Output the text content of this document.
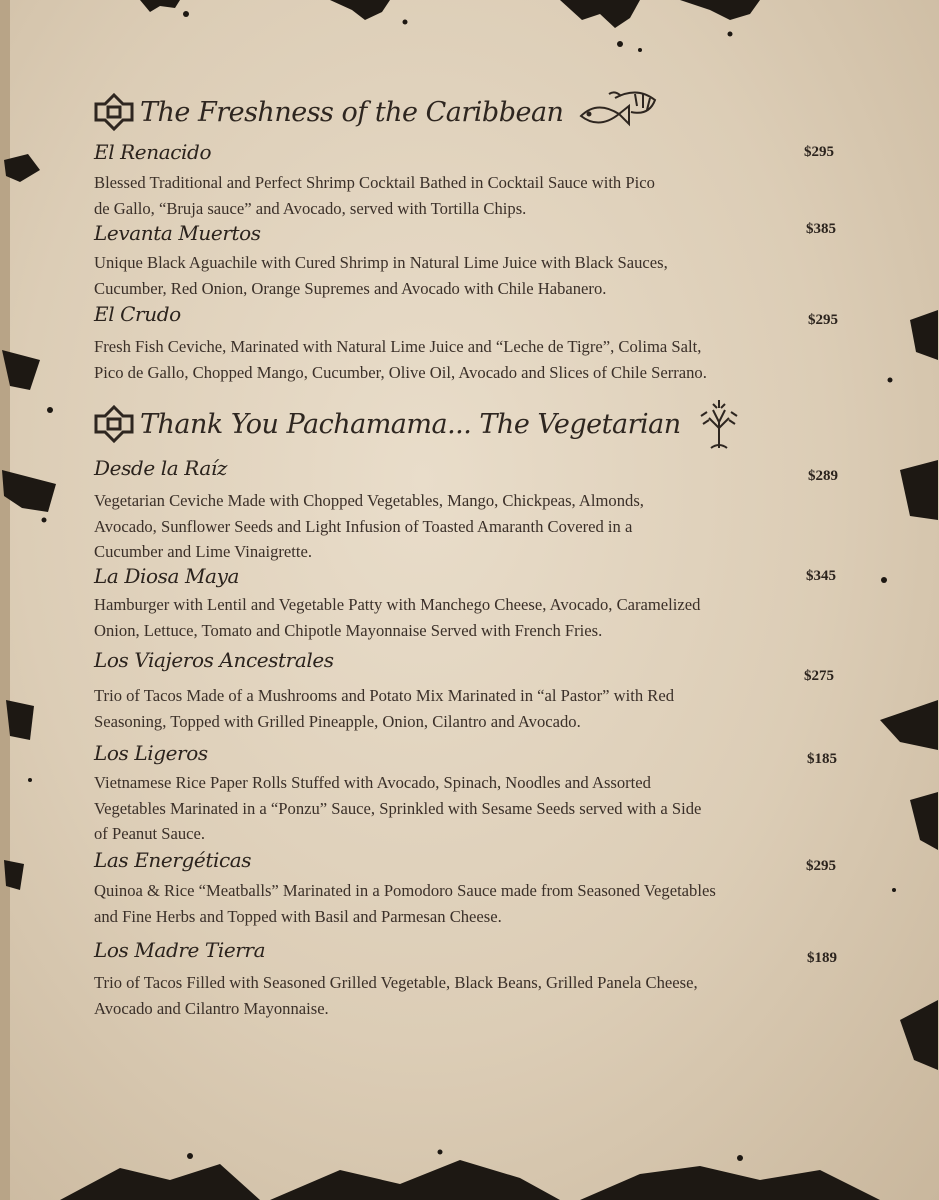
The Freshness of the Caribbean
El Renacido	$295
Blessed Traditional and Perfect Shrimp Cocktail Bathed in Cocktail Sauce with Pico
de Gallo, “Bruja sauce” and Avocado, served with Tortilla Chips.
Levanta Muertos	$385
Unique Black Aguachile with Cured Shrimp in Natural Lime Juice with Black Sauces,
Cucumber, Red Onion, Orange Supremes and Avocado with Chile Habanero.
El Crudo	$295
Fresh Fish Ceviche, Marinated with Natural Lime Juice and “Leche de Tigre”, Colima Salt,
Pico de Gallo, Chopped Mango, Cucumber, Olive Oil, Avocado and Slices of Chile Serrano.
Thank You Pachamama... The Vegetarian
Desde la Raíz	$289
Vegetarian Ceviche Made with Chopped Vegetables, Mango, Chickpeas, Almonds,
Avocado, Sunflower Seeds and Light Infusion of Toasted Amaranth Covered in a
Cucumber and Lime Vinaigrette.
La Diosa Maya	$345
Hamburger with Lentil and Vegetable Patty with Manchego Cheese, Avocado, Caramelized
Onion, Lettuce, Tomato and Chipotle Mayonnaise Served with French Fries.
Los Viajeros Ancestrales
$275
Trio of Tacos Made of a Mushrooms and Potato Mix Marinated in “al Pastor” with Red
Seasoning, Topped with Grilled Pineapple, Onion, Cilantro and Avocado.
Los Ligeros	$185
Vietnamese Rice Paper Rolls Stuffed with Avocado, Spinach, Noodles and Assorted
Vegetables Marinated in a “Ponzu” Sauce, Sprinkled with Sesame Seeds served with a Side
of Peanut Sauce.
Las Energéticas	$295
Quinoa & Rice “Meatballs” Marinated in a Pomodoro Sauce made from Seasoned Vegetables
and Fine Herbs and Topped with Basil and Parmesan Cheese.
Los Madre Tierra	$189
Trio of Tacos Filled with Seasoned Grilled Vegetable, Black Beans, Grilled Panela Cheese,
Avocado and Cilantro Mayonnaise.
